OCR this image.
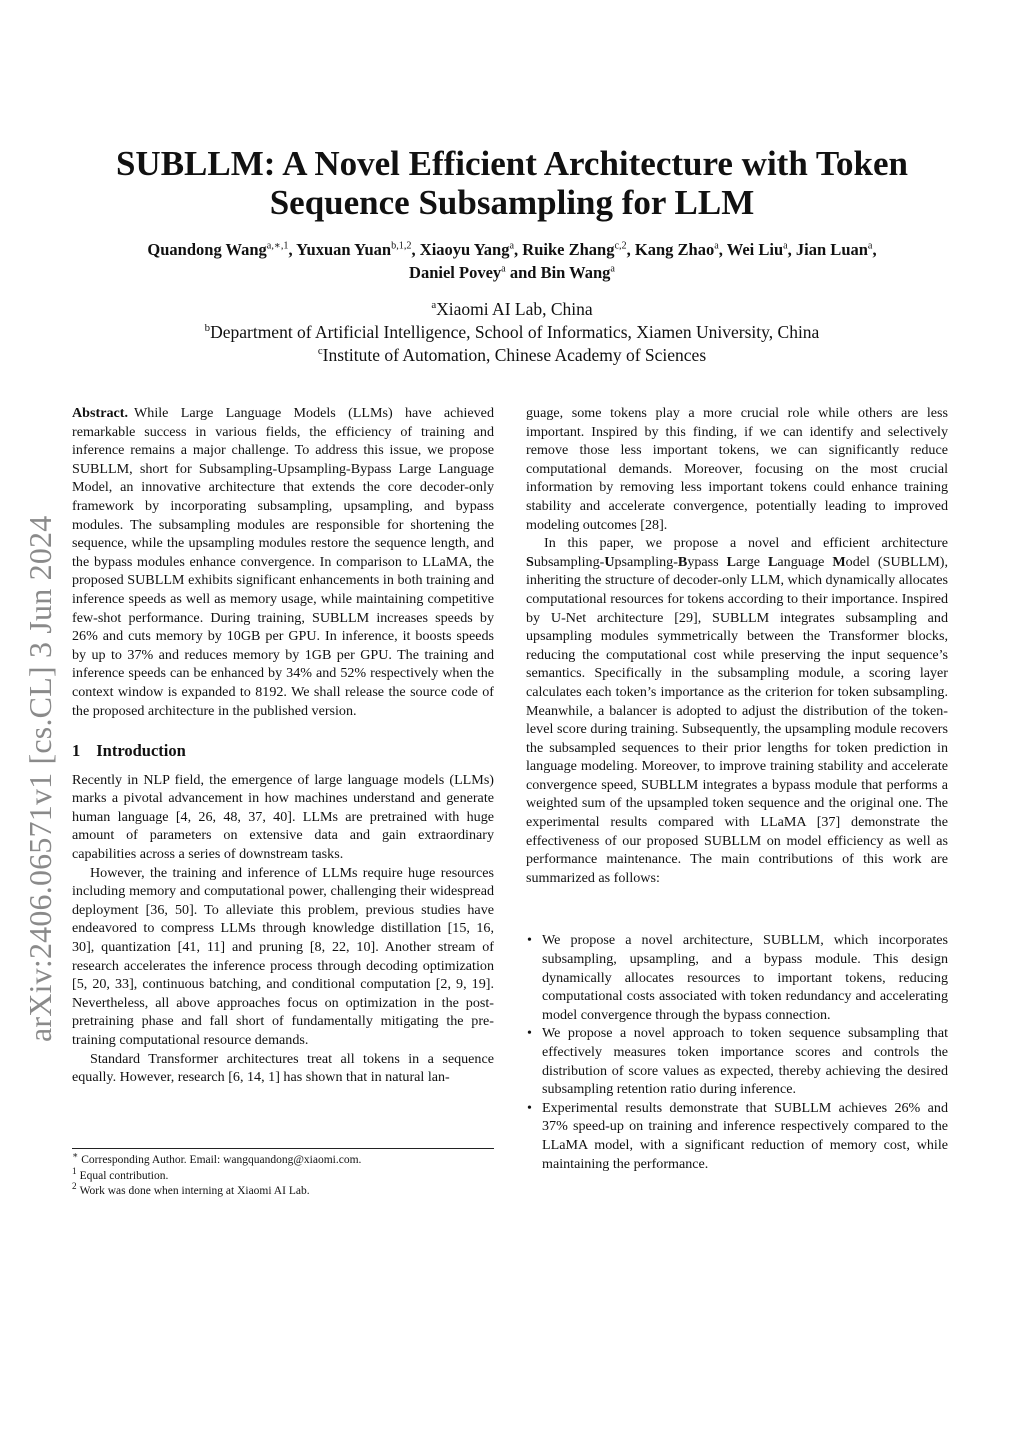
arXiv:2406.06571v1 [cs.CL] 3 Jun 2024
SUBLLM: A Novel Efficient Architecture with Token Sequence Subsampling for LLM
Quandong Wang$^{a,∗,1}$, Yuxuan Yuan$^{b,1,2}$, Xiaoyu Yang$^a$, Ruike Zhang$^{c,2}$, Kang Zhao$^a$, Wei Liu$^a$, Jian Luan$^a$,
Daniel Povey$^a$ and Bin Wang$^a$
$^a$Xiaomi AI Lab, China
$^b$Department of Artificial Intelligence, School of Informatics, Xiamen University, China
$^c$Institute of Automation, Chinese Academy of Sciences

Abstract. While Large Language Models (LLMs) have achieved remarkable success in various fields, the efficiency of training and inference remains a major challenge. To address this issue, we propose SUBLLM, short for Subsampling-Upsampling-Bypass Large Language Model, an innovative architecture that extends the core decoder-only framework by incorporating subsampling, upsampling, and bypass modules. The subsampling modules are responsible for shortening the sequence, while the upsampling modules restore the sequence length, and the bypass modules enhance convergence. In comparison to LLaMA, the proposed SUBLLM exhibits significant enhancements in both training and inference speeds as well as memory usage, while maintaining competitive few-shot performance. During training, SUBLLM increases speeds by 26% and cuts memory by 10GB per GPU. In inference, it boosts speeds by up to 37% and reduces memory by 1GB per GPU. The training and inference speeds can be enhanced by 34% and 52% respectively when the context window is expanded to 8192. We shall release the source code of the proposed architecture in the published version.

1 Introduction

Recently in NLP field, the emergence of large language models (LLMs) marks a pivotal advancement in how machines understand and generate human language [4, 26, 48, 37, 40]. LLMs are pretrained with huge amount of parameters on extensive data and gain extraordinary capabilities across a series of downstream tasks.

However, the training and inference of LLMs require huge resources including memory and computational power, challenging their widespread deployment [36, 50]. To alleviate this problem, previous studies have endeavored to compress LLMs through knowledge distillation [15, 16, 30], quantization [41, 11] and pruning [8, 22, 10]. Another stream of research accelerates the inference process through decoding optimization [5, 20, 33], continuous batching, and conditional computation [2, 9, 19]. Nevertheless, all above approaches focus on optimization in the post-pretraining phase and fall short of fundamentally mitigating the pre-training computational resource demands.

Standard Transformer architectures treat all tokens in a sequence equally. However, research [6, 14, 1] has shown that in natural lan-

∗ Corresponding Author. Email: wangquandong@xiaomi.com.
$^1$ Equal contribution.
$^2$ Work was done when interning at Xiaomi AI Lab.

guage, some tokens play a more crucial role while others are less important. Inspired by this finding, if we can identify and selectively remove those less important tokens, we can significantly reduce computational demands. Moreover, focusing on the most crucial information by removing less important tokens could enhance training stability and accelerate convergence, potentially leading to improved modeling outcomes [28].

In this paper, we propose a novel and efficient architecture Subsampling-Upsampling-Bypass Large Language Model (SUBLLM), inheriting the structure of decoder-only LLM, which dynamically allocates computational resources for tokens according to their importance. Inspired by U-Net architecture [29], SUBLLM integrates subsampling and upsampling modules symmetrically between the Transformer blocks, reducing the computational cost while preserving the input sequence’s semantics. Specifically in the subsampling module, a scoring layer calculates each token’s importance as the criterion for token subsampling. Meanwhile, a balancer is adopted to adjust the distribution of the token-level score during training. Subsequently, the upsampling module recovers the subsampled sequences to their prior lengths for token prediction in language modeling. Moreover, to improve training stability and accelerate convergence speed, SUBLLM integrates a bypass module that performs a weighted sum of the upsampled token sequence and the original one. The experimental results compared with LLaMA [37] demonstrate the effectiveness of our proposed SUBLLM on model efficiency as well as performance maintenance. The main contributions of this work are summarized as follows:

• We propose a novel architecture, SUBLLM, which incorporates subsampling, upsampling, and a bypass module. This design dynamically allocates resources to important tokens, reducing computational costs associated with token redundancy and accelerating model convergence through the bypass connection.
• We propose a novel approach to token sequence subsampling that effectively measures token importance scores and controls the distribution of score values as expected, thereby achieving the desired subsampling retention ratio during inference.
• Experimental results demonstrate that SUBLLM achieves 26% and 37% speed-up on training and inference respectively compared to the LLaMA model, with a significant reduction of memory cost, while maintaining the performance.
